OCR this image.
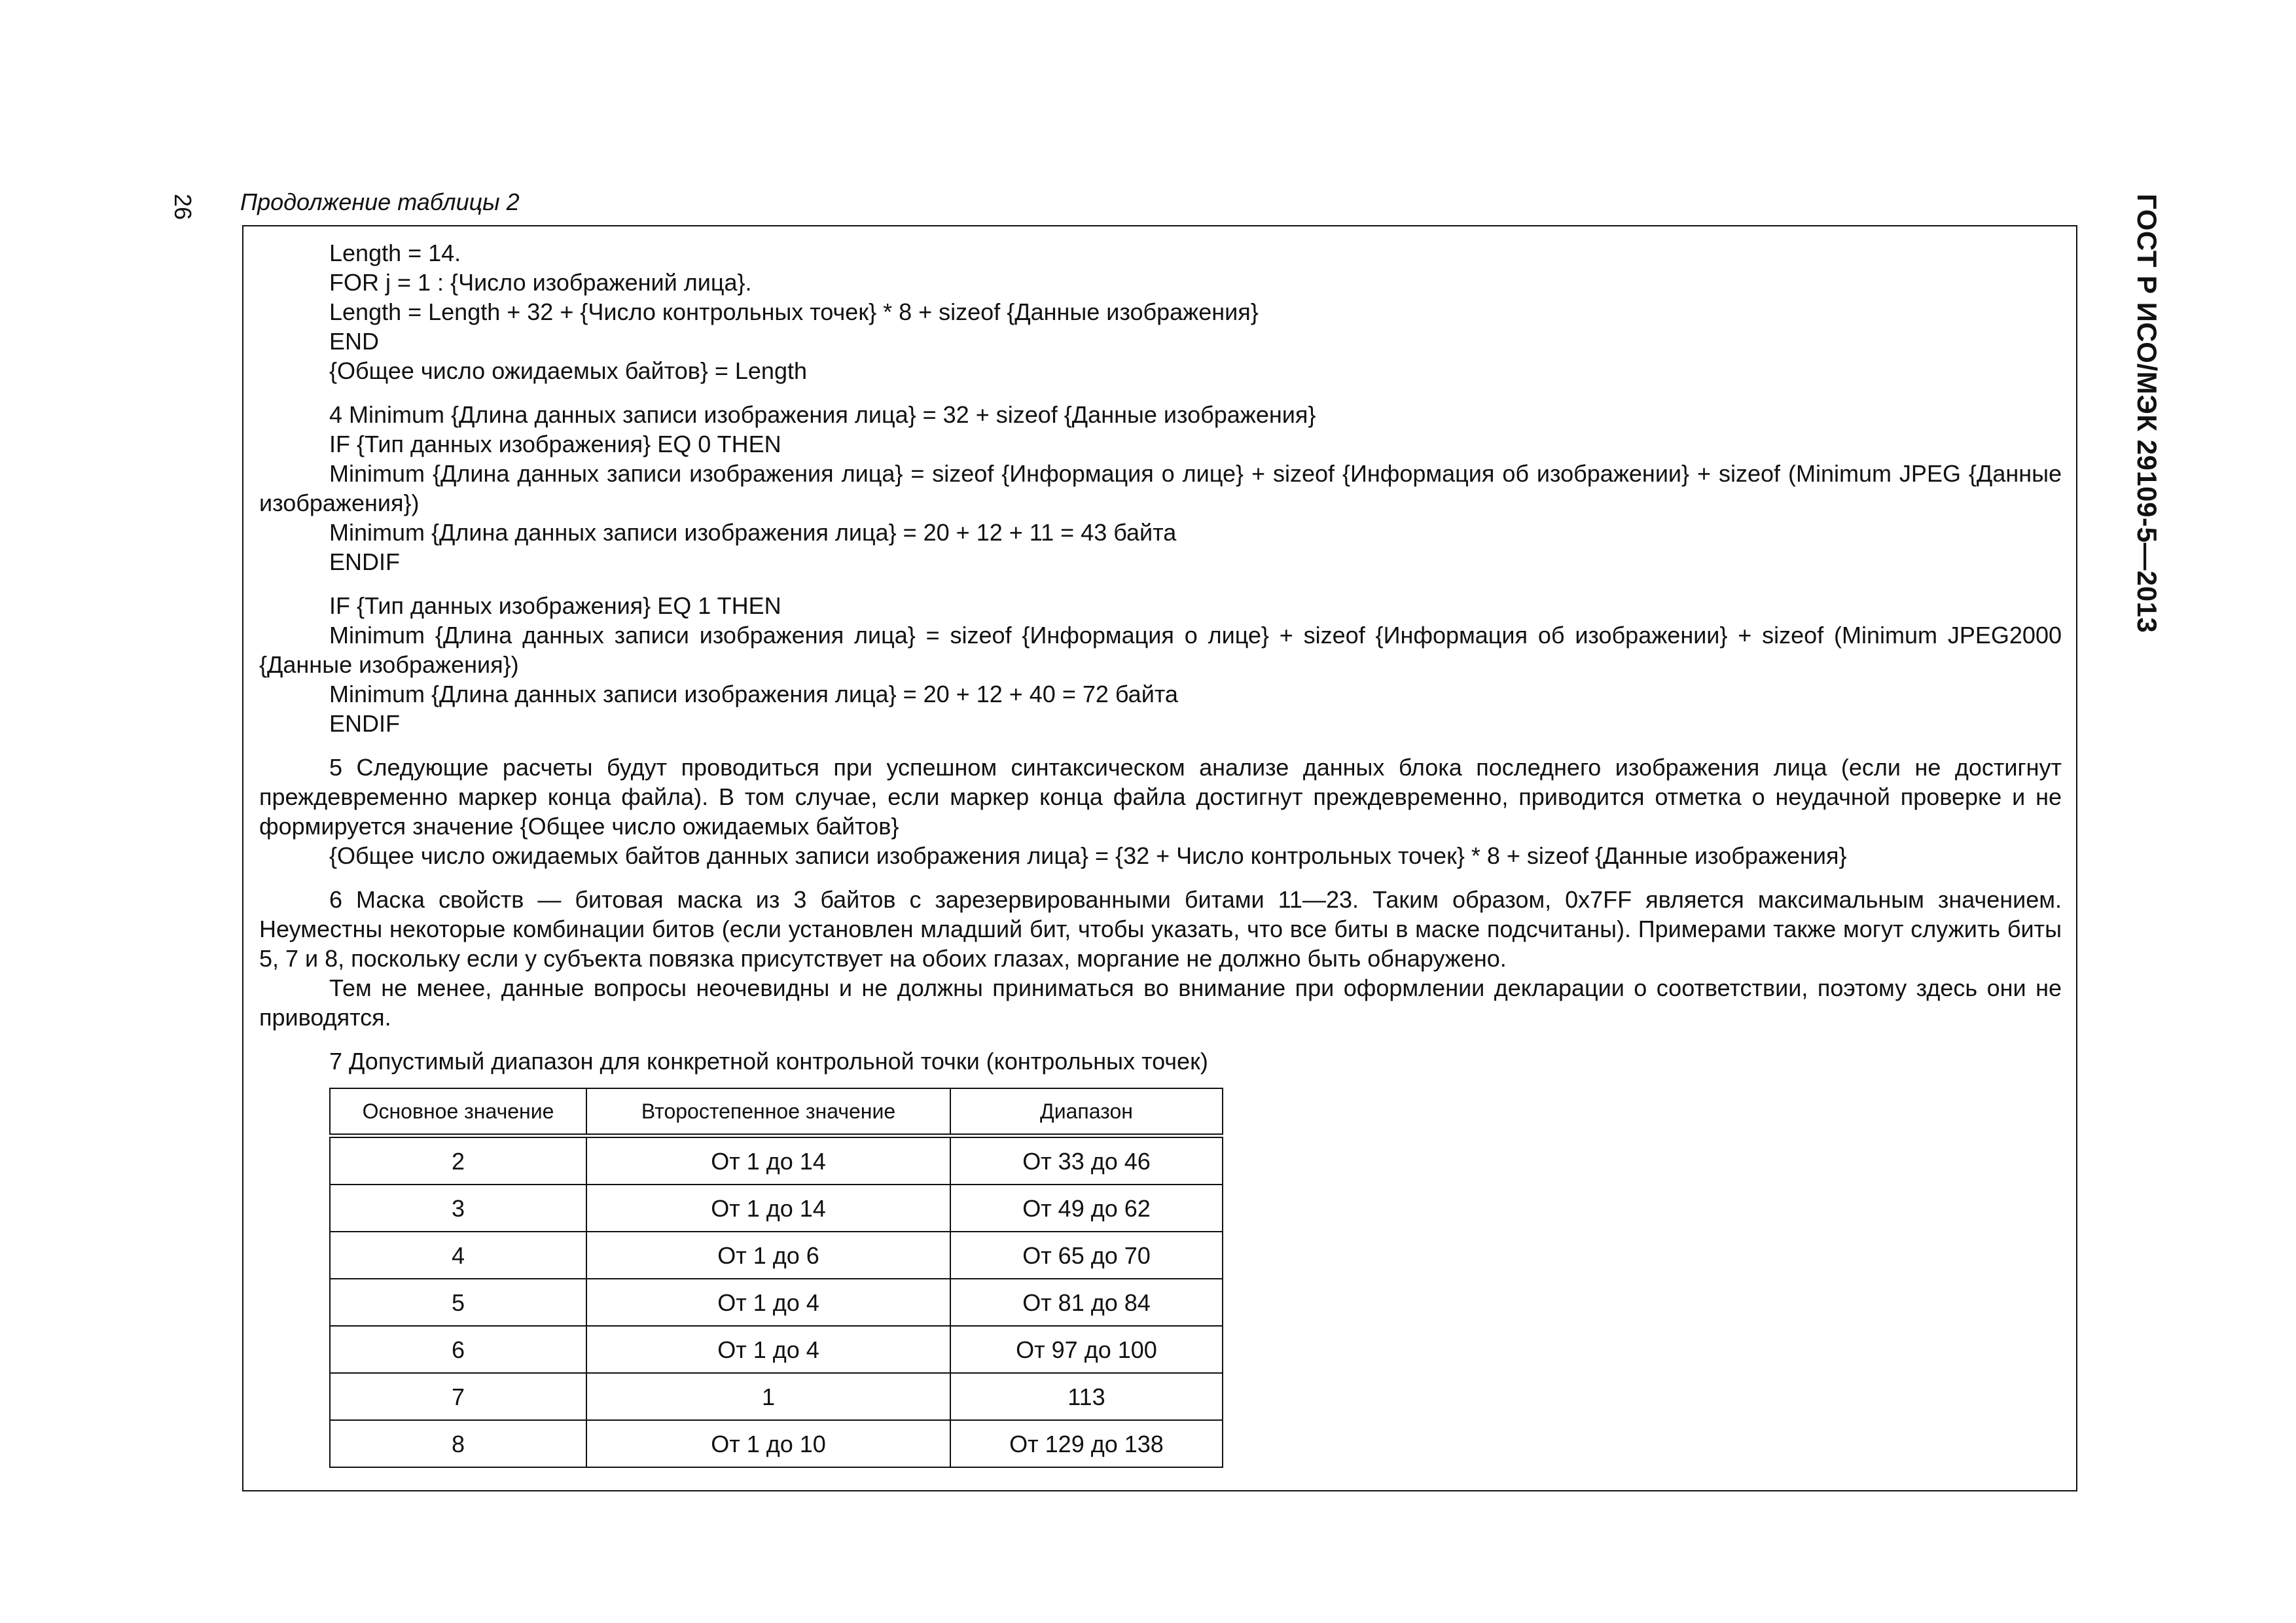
26	ГОСТ Р ИСО/МЭК 29109-5—2013
Продолжение таблицы 2

Length = 14.

FOR j = 1 : {Число изображений лица}.

Length = Length + 32 + {Число контрольных точек} * 8 + sizeof {Данные изображения}

END

{Общее число ожидаемых байтов} = Length

4 Minimum {Длина данных записи изображения лица} = 32 + sizeof {Данные изображения}

IF {Тип данных изображения} EQ 0 THEN

Minimum {Длина данных записи изображения лица} = sizeof {Информация о лице} + sizeof {Информация об изображении} + sizeof (Minimum JPEG {Данные изображения})

Minimum {Длина данных записи изображения лица} = 20 + 12 + 11 = 43 байта

ENDIF

IF {Тип данных изображения} EQ 1 THEN

Minimum {Длина данных записи изображения лица} = sizeof {Информация о лице} + sizeof {Информация об изображении} + sizeof (Minimum JPEG2000 {Данные изображения})

Minimum {Длина данных записи изображения лица} = 20 + 12 + 40 = 72 байта

ENDIF

5 Следующие расчеты будут проводиться при успешном синтаксическом анализе данных блока последнего изображения лица (если не достигнут преждевременно маркер конца файла). В том случае, если маркер конца файла достигнут преждевременно, приводится отметка о неудачной проверке и не формируется значение {Общее число ожидаемых байтов}

{Общее число ожидаемых байтов данных записи изображения лица} = {32 + Число контрольных точек} * 8 + sizeof {Данные изображения}

6 Маска свойств — битовая маска из 3 байтов с зарезервированными битами 11—23. Таким образом, 0x7FF является максимальным значением. Неуместны некоторые комбинации битов (если установлен младший бит, чтобы указать, что все биты в маске подсчитаны). Примерами также могут служить биты 5, 7 и 8, поскольку если у субъекта повязка присутствует на обоих глазах, моргание не должно быть обнаружено.

Тем не менее, данные вопросы неочевидны и не должны приниматься во внимание при оформлении декларации о соответствии, поэтому здесь они не приводятся.

7 Допустимый диапазон для конкретной контрольной точки (контрольных точек)

Основное значение	Второстепенное значение	Диапазон
2	От 1 до 14	От 33 до 46
3	От 1 до 14	От 49 до 62
4	От 1 до 6	От 65 до 70
5	От 1 до 4	От 81 до 84
6	От 1 до 4	От 97 до 100
7	1	113
8	От 1 до 10	От 129 до 138
